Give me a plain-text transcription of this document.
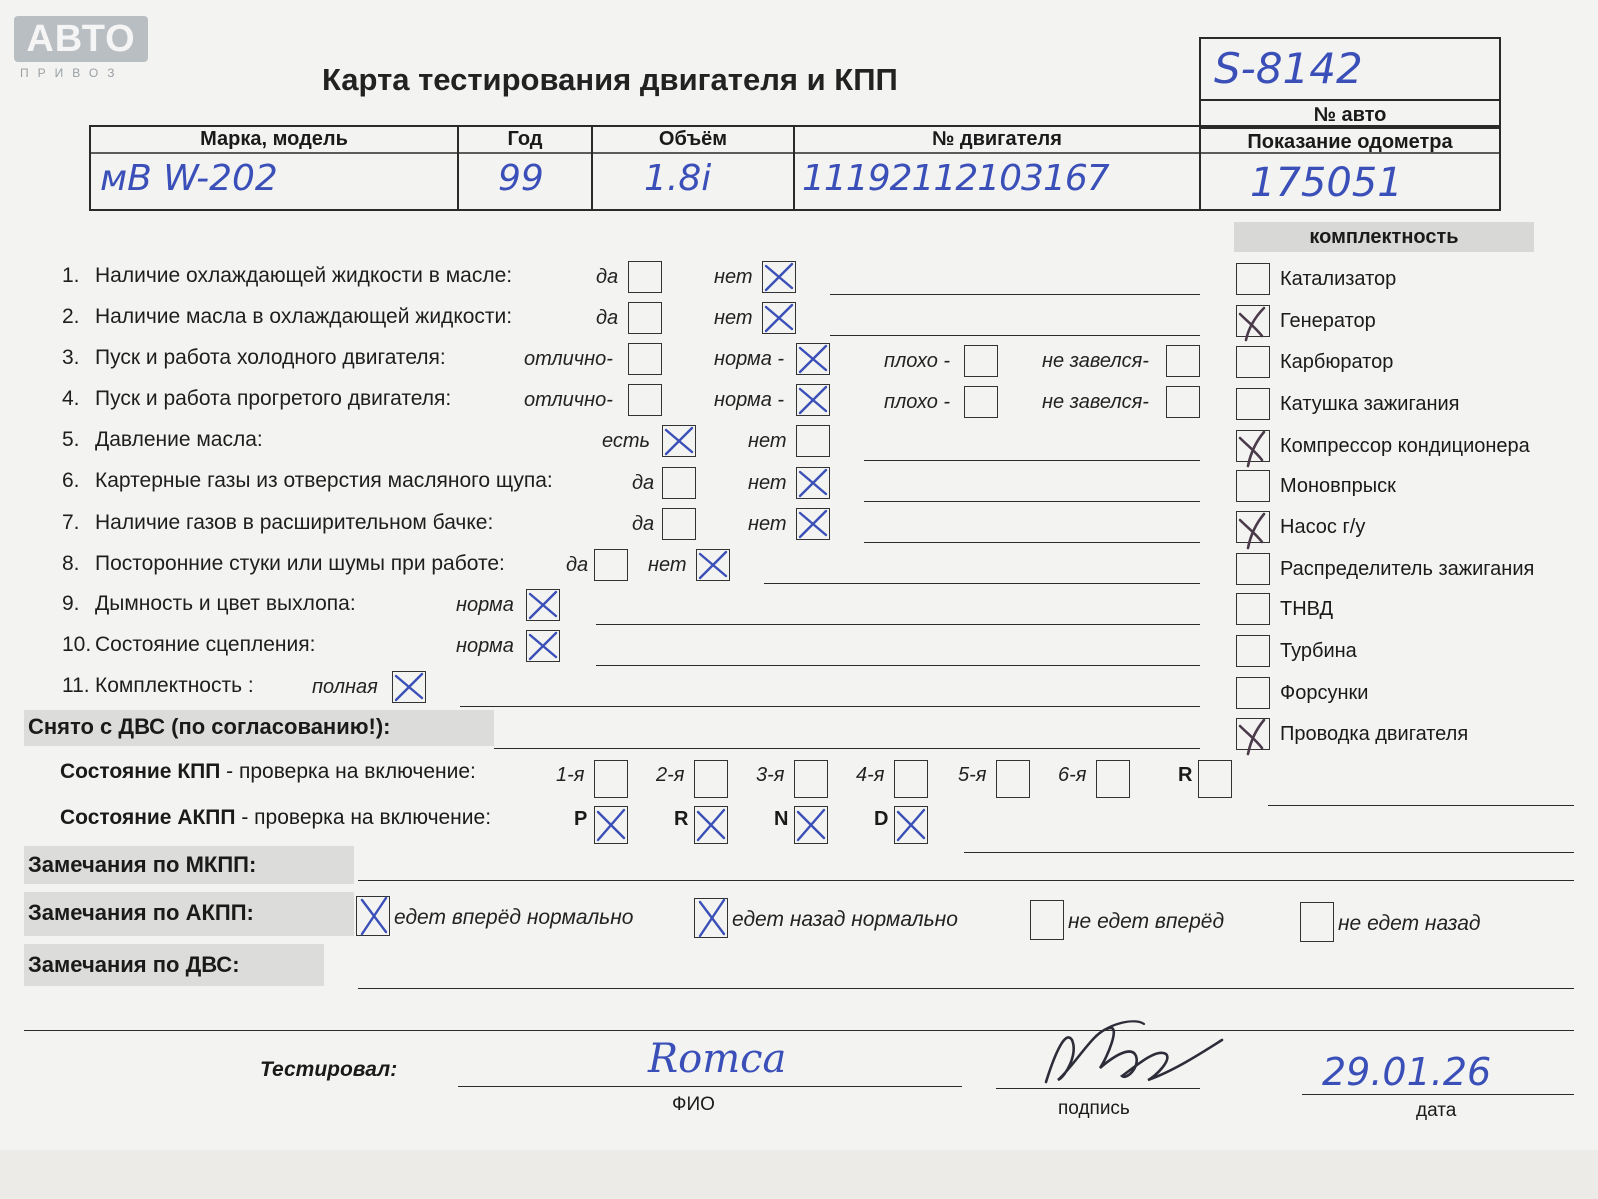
АВТО
ПРИВОЗ	Карта тестирования двигателя и КПП	S-8142
№ авто
Показание одометра
175051
Марка, модель	Год	Объём	№ двигателя
мВ W-202	99	1.8i	11192112103167
комплектность
1. Наличие охлаждающей жидкости в масле:	да	нет
2. Наличие масла в охлаждающей жидкости:	да	нет
3. Пуск и работа холодного двигателя:	отлично-	норма -	плохо -	не завелся-
4. Пуск и работа прогретого двигателя:	отлично-	норма -	плохо -	не завелся-
5. Давление масла:	есть	нет
6. Картерные газы из отверстия масляного щупа:	да	нет
7. Наличие газов в расширительном бачке:	да	нет
8. Посторонние стуки или шумы при работе:	да	нет
9. Дымность и цвет выхлопа:	норма
10. Состояние сцепления:	норма
11. Комплектность :	полная
Снято с ДВС (по согласованию!):
Катализатор
Генератор
Карбюратор
Катушка зажигания
Компрессор кондиционера
Моновпрыск
Насос г/у
Распределитель зажигания
ТНВД
Турбина
Форсунки
Проводка двигателя
Состояние КПП - проверка на включение:	1-я	2-я	3-я	4-я	5-я	6-я	R
Состояние АКПП - проверка на включение:	P	R	N	D
Замечания по МКПП:
Замечания по АКПП:	едет вперёд нормально	едет назад нормально	не едет вперёд	не едет назад
Замечания по ДВС:
Тестировал:	Romсa
ФИО	подпись
29.01.26
дата
